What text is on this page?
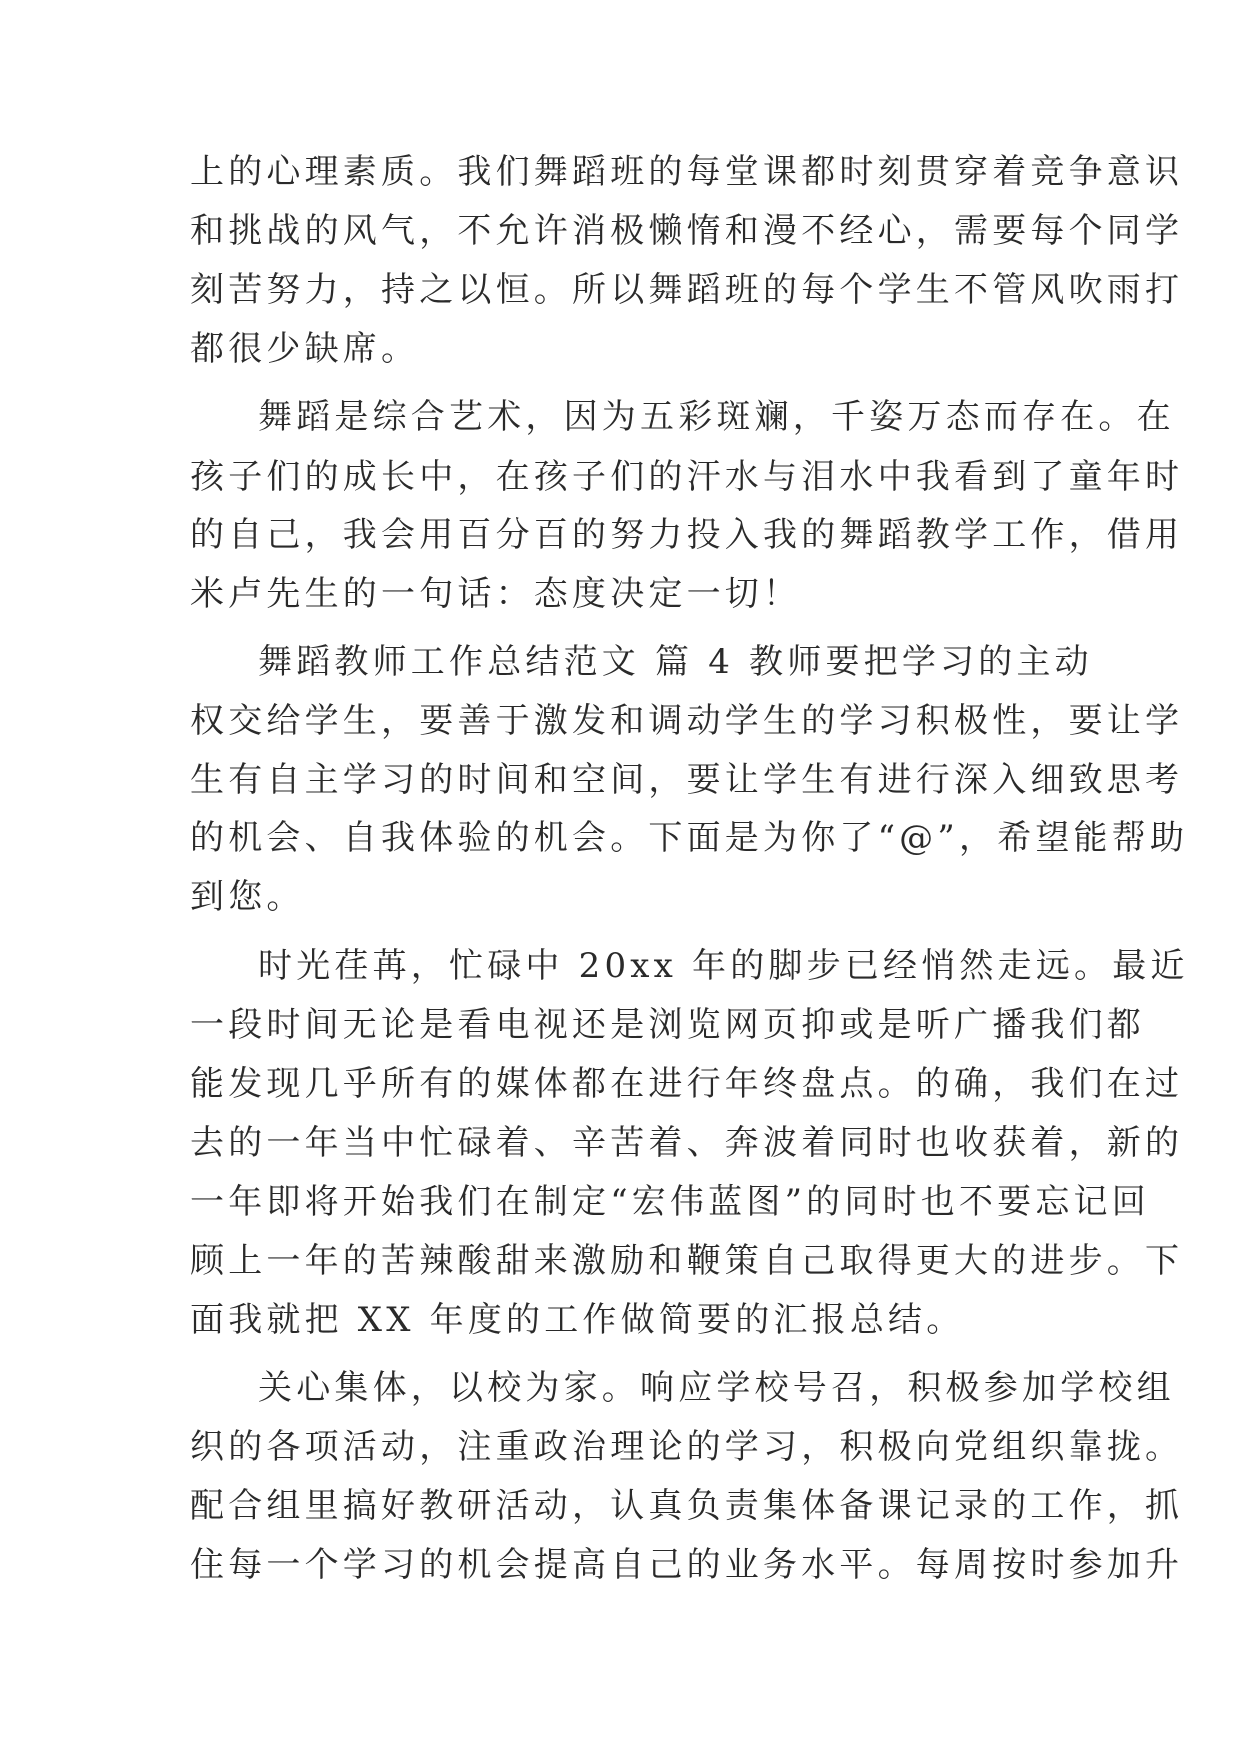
上的心理素质。我们舞蹈班的每堂课都时刻贯穿着竞争意识
和挑战的风气，不允许消极懒惰和漫不经心，需要每个同学
刻苦努力，持之以恒。所以舞蹈班的每个学生不管风吹雨打
都很少缺席。
舞蹈是综合艺术，因为五彩斑斓，千姿万态而存在。在
孩子们的成长中，在孩子们的汗水与泪水中我看到了童年时
的自己，我会用百分百的努力投入我的舞蹈教学工作，借用
米卢先生的一句话：态度决定一切！
舞蹈教师工作总结范文 篇 4 教师要把学习的主动
权交给学生，要善于激发和调动学生的学习积极性，要让学
生有自主学习的时间和空间，要让学生有进行深入细致思考
的机会、自我体验的机会。下面是为你了“@”，希望能帮助
到您。
时光荏苒，忙碌中 20xx 年的脚步已经悄然走远。最近
一段时间无论是看电视还是浏览网页抑或是听广播我们都
能发现几乎所有的媒体都在进行年终盘点。的确，我们在过
去的一年当中忙碌着、辛苦着、奔波着同时也收获着，新的
一年即将开始我们在制定“宏伟蓝图”的同时也不要忘记回
顾上一年的苦辣酸甜来激励和鞭策自己取得更大的进步。下
面我就把 XX 年度的工作做简要的汇报总结。
关心集体，以校为家。响应学校号召，积极参加学校组
织的各项活动，注重政治理论的学习，积极向党组织靠拢。
配合组里搞好教研活动，认真负责集体备课记录的工作，抓
住每一个学习的机会提高自己的业务水平。每周按时参加升
